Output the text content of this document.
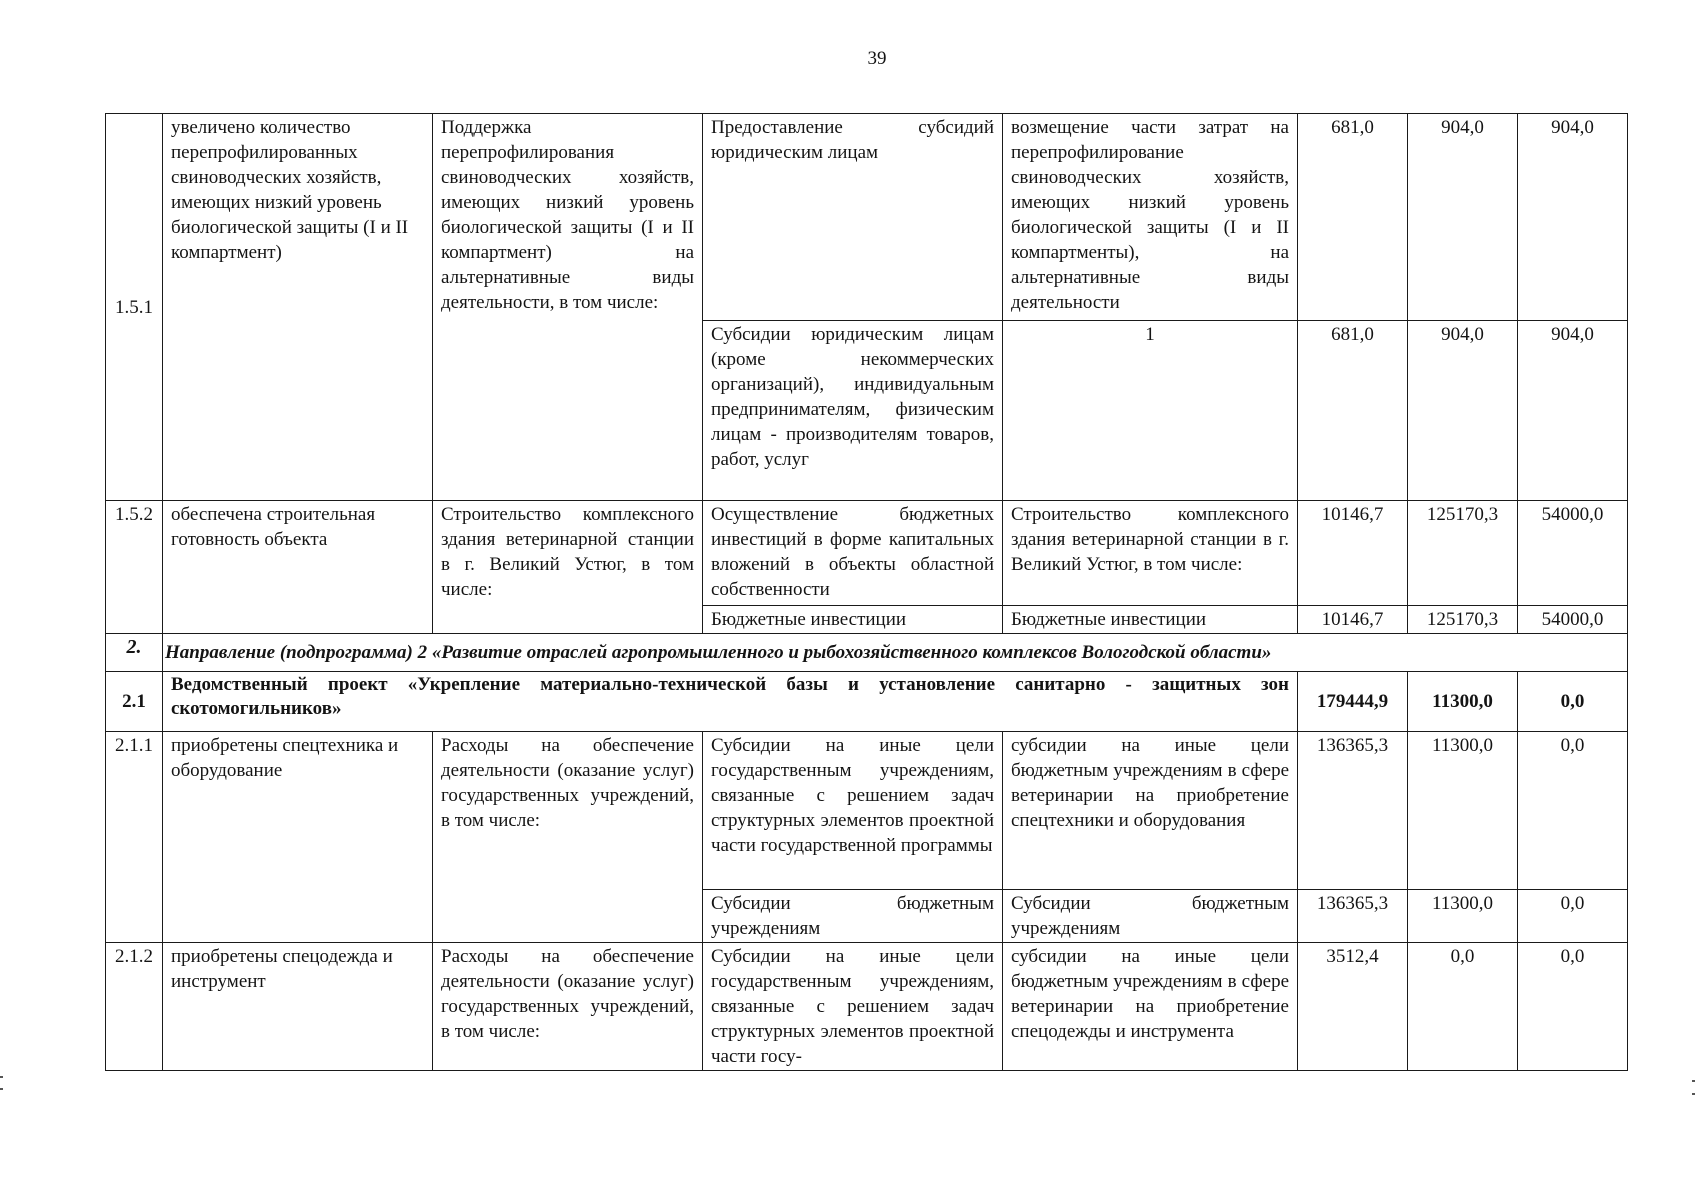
39
1.5.1	увеличено количество перепрофилированных свиноводческих хозяйств, имеющих низкий уровень биологической защиты (I и II компартмент)	Поддержка перепрофилирования свиноводческих хозяйств, имеющих низкий уровень биологической защиты (I и II компартмент) на альтернативные виды деятельности, в том числе:	Предоставление субсидий юридическим лицам	возмещение части затрат на перепрофилирование свиноводческих хозяйств, имеющих низкий уровень биологической защиты (I и II компартменты), на альтернативные виды деятельности	681,0	904,0	904,0
			Субсидии юридическим лицам (кроме некоммерческих организаций), индивидуальным предпринимателям, физическим лицам - производителям товаров, работ, услуг	1	681,0	904,0	904,0
1.5.2	обеспечена строительная готовность объекта	Строительство комплексного здания ветеринарной станции в г. Великий Устюг, в том числе:	Осуществление бюджетных инвестиций в форме капитальных вложений в объекты областной собственности	Строительство комплексного здания ветеринарной станции в г. Великий Устюг, в том числе:	10146,7	125170,3	54000,0
			Бюджетные инвестиции	Бюджетные инвестиции	10146,7	125170,3	54000,0
2.	Направление (подпрограмма) 2 «Развитие отраслей агропромышленного и рыбохозяйственного комплексов Вологодской области»						
2.1	Ведомственный проект «Укрепление материально-технической базы и установление санитарно - защитных зон скотомогильников»				179444,9	11300,0	0,0
2.1.1	приобретены спецтехника и оборудование	Расходы на обеспечение деятельности (оказание услуг) государственных учреждений, в том числе:	Субсидии на иные цели государственным учреждениям, связанные с решением задач структурных элементов проектной части государственной программы	субсидии на иные цели бюджетным учреждениям в сфере ветеринарии на приобретение спецтехники и оборудования	136365,3	11300,0	0,0
			Субсидии бюджетным учреждениям	Субсидии бюджетным учреждениям	136365,3	11300,0	0,0
2.1.2	приобретены спецодежда и инструмент	Расходы на обеспечение деятельности (оказание услуг) государственных учреждений, в том числе:	Субсидии на иные цели государственным учреждениям, связанные с решением задач структурных элементов проектной части госу-	субсидии на иные цели бюджетным учреждениям в сфере ветеринарии на приобретение спецодежды и инструмента	3512,4	0,0	0,0
